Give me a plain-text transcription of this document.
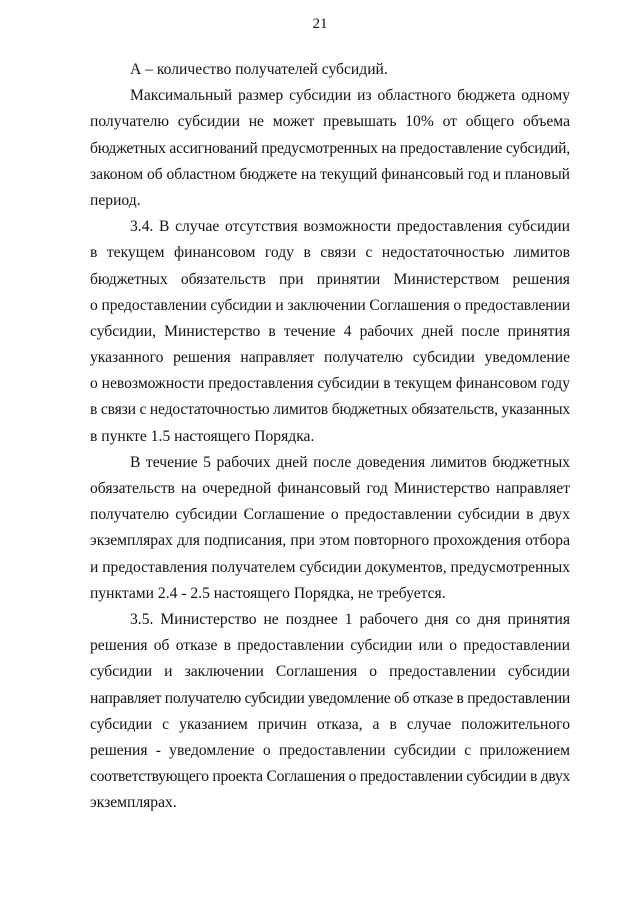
21
А – количество получателей субсидий.
Максимальный размер субсидии из областного бюджета одному
получателю субсидии не может превышать 10% от общего объема
бюджетных ассигнований предусмотренных на предоставление субсидий,
законом об областном бюджете на текущий финансовый год и плановый
период.
3.4. В случае отсутствия возможности предоставления субсидии
в текущем финансовом году в связи с недостаточностью лимитов
бюджетных обязательств при принятии Министерством решения
о предоставлении субсидии и заключении Соглашения о предоставлении
субсидии, Министерство в течение 4 рабочих дней после принятия
указанного решения направляет получателю субсидии уведомление
о невозможности предоставления субсидии в текущем финансовом году
в связи с недостаточностью лимитов бюджетных обязательств, указанных
в пункте 1.5 настоящего Порядка.
В течение 5 рабочих дней после доведения лимитов бюджетных
обязательств на очередной финансовый год Министерство направляет
получателю субсидии Соглашение о предоставлении субсидии в двух
экземплярах для подписания, при этом повторного прохождения отбора
и предоставления получателем субсидии документов, предусмотренных
пунктами 2.4 - 2.5 настоящего Порядка, не требуется.
3.5. Министерство не позднее 1 рабочего дня со дня принятия
решения об отказе в предоставлении субсидии или о предоставлении
субсидии и заключении Соглашения о предоставлении субсидии
направляет получателю субсидии уведомление об отказе в предоставлении
субсидии с указанием причин отказа, а в случае положительного
решения - уведомление о предоставлении субсидии с приложением
соответствующего проекта Соглашения о предоставлении субсидии в двух
экземплярах.
